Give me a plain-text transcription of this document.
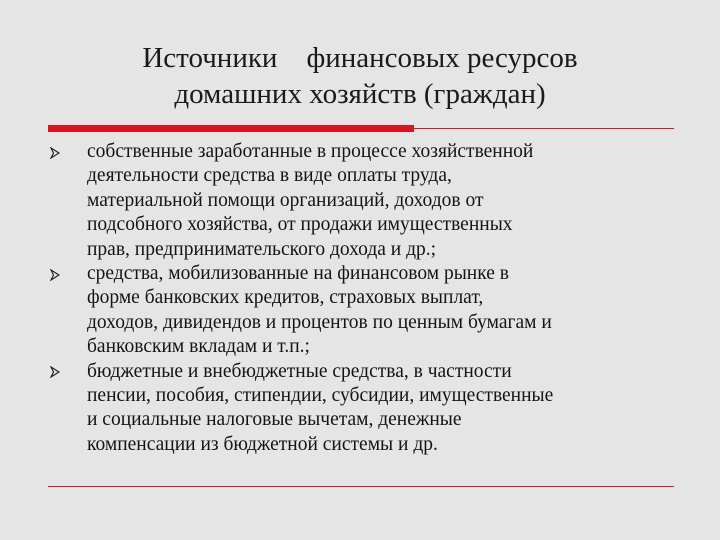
Источники    финансовых ресурсов
домашних хозяйств (граждан)
собственные заработанные в процессе хозяйственной
деятельности средства в виде оплаты труда,
материальной помощи организаций, доходов от
подсобного хозяйства, от продажи имущественных
прав, предпринимательского дохода и др.;
средства, мобилизованные на финансовом рынке в
форме банковских кредитов, страховых выплат,
доходов, дивидендов и процентов по ценным бумагам и
банковским вкладам и т.п.;
бюджетные и внебюджетные средства, в частности
пенсии, пособия, стипендии, субсидии, имущественные
и социальные налоговые вычетам, денежные
компенсации из бюджетной системы и др.
